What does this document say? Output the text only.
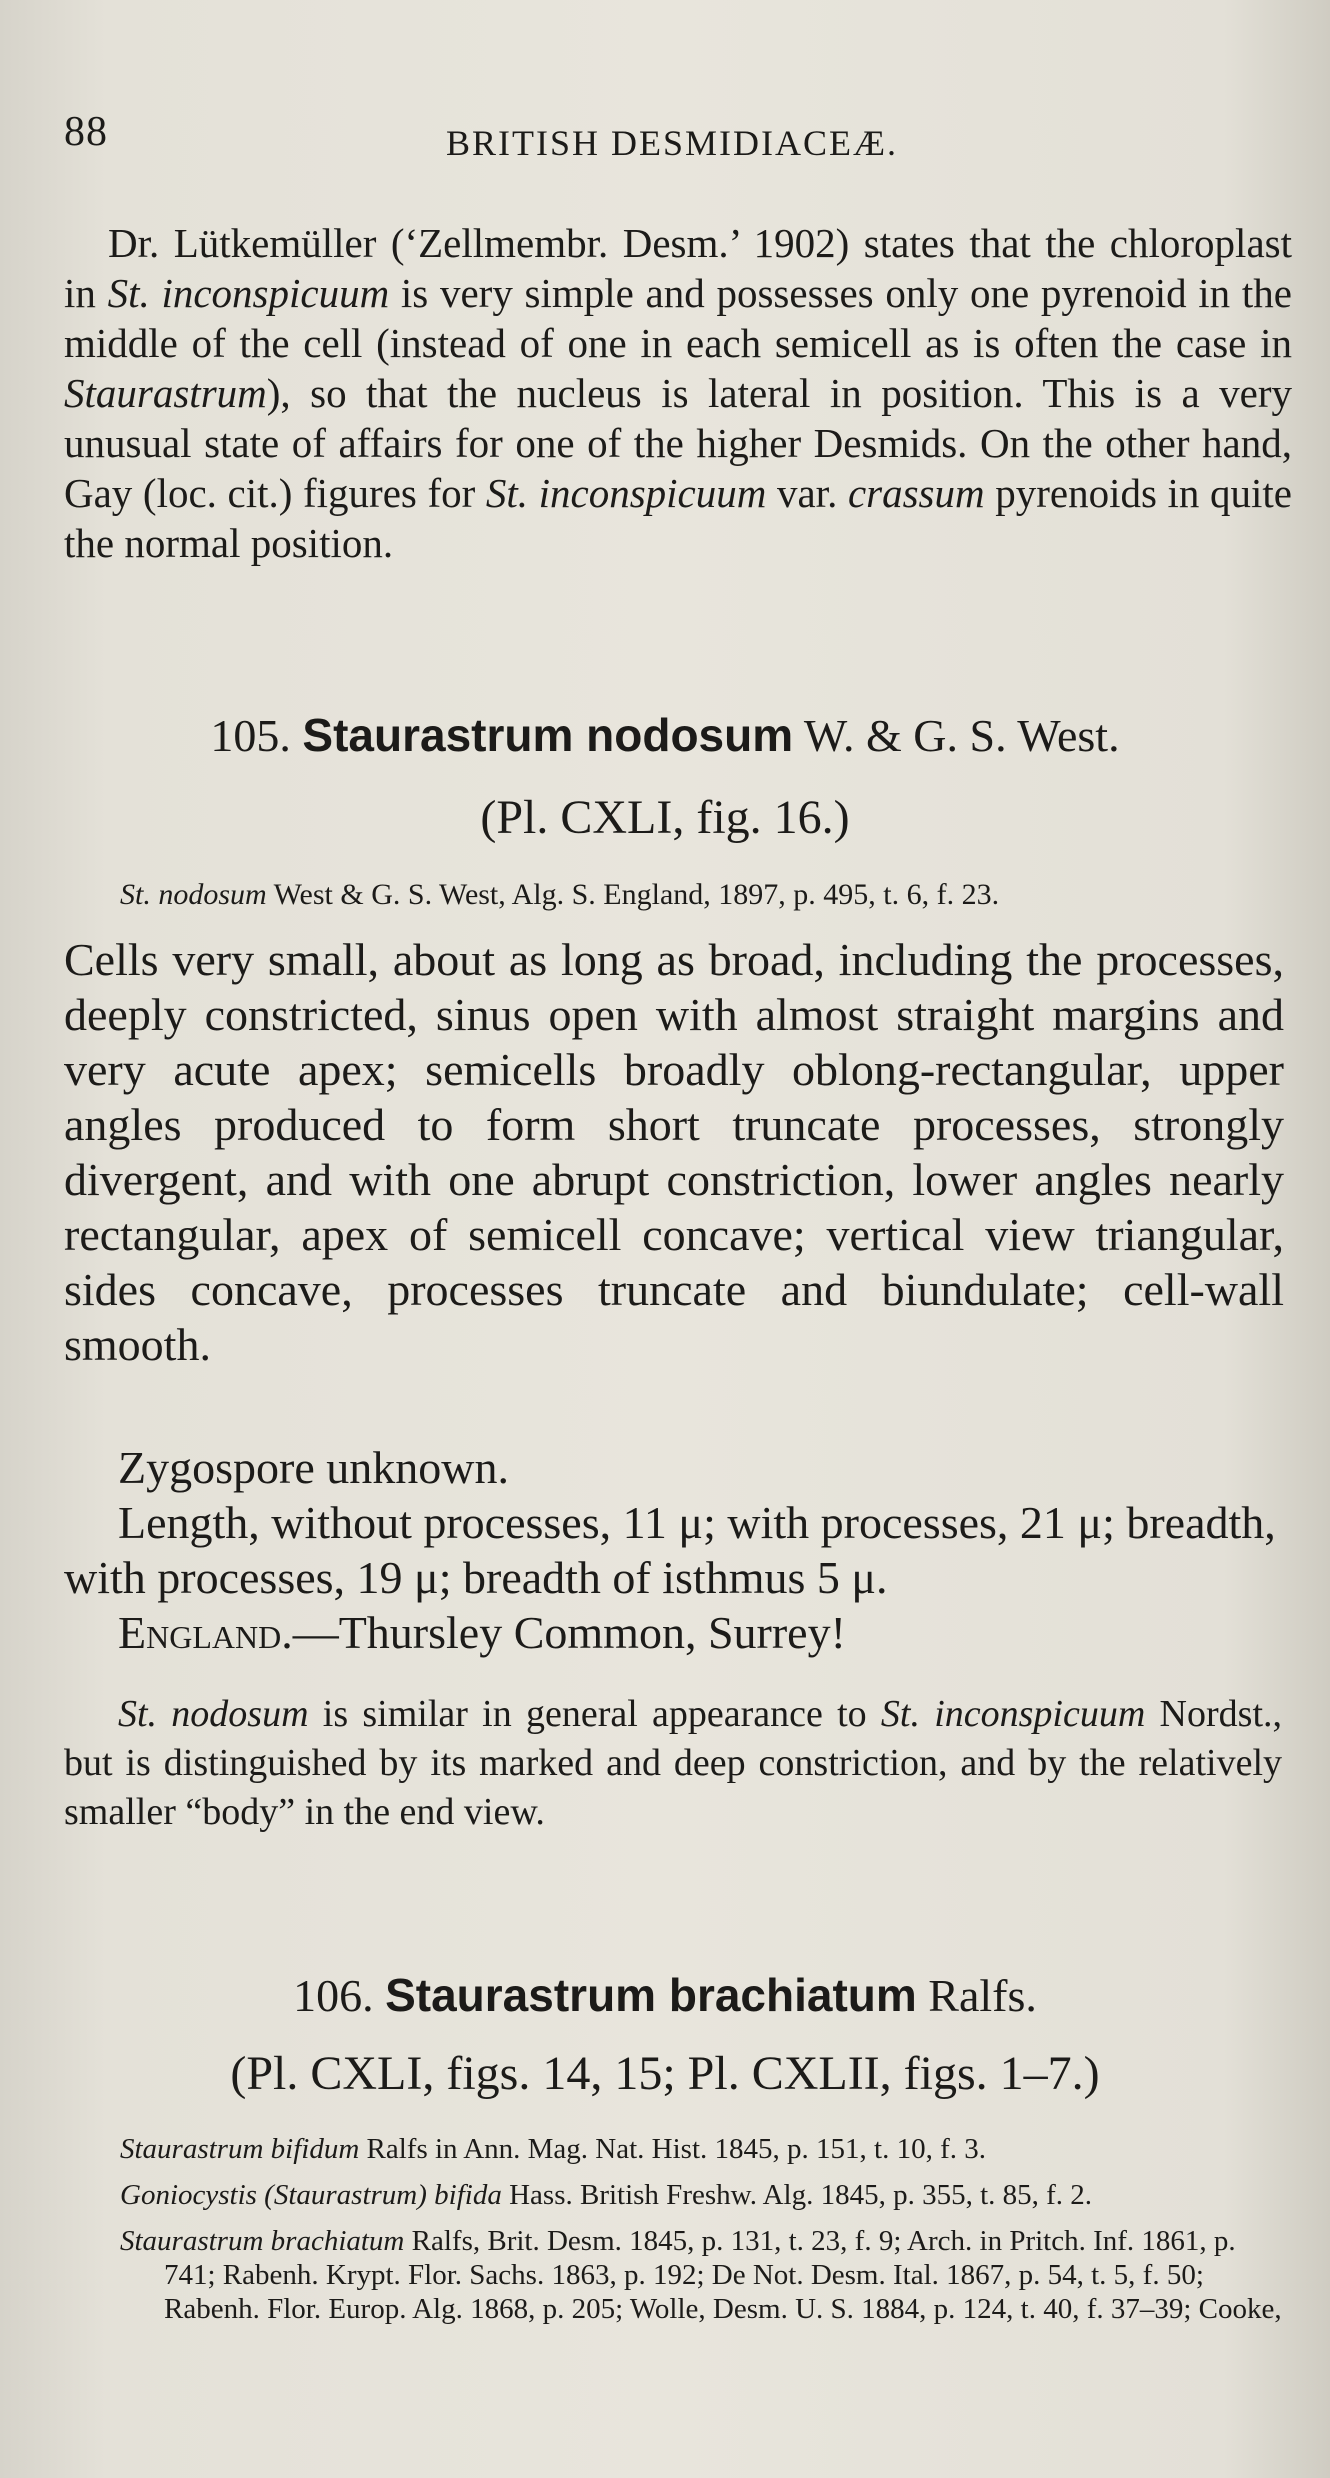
88	BRITISH DESMIDIACEÆ.

Dr. Lütkemüller (‘Zellmembr. Desm.’ 1902) states that the chloroplast in St. inconspicuum is very simple and possesses only one pyrenoid in the middle of the cell (instead of one in each semicell as is often the case in Staurastrum), so that the nucleus is lateral in position. This is a very unusual state of affairs for one of the higher Desmids. On the other hand, Gay (loc. cit.) figures for St. inconspicuum var. crassum pyrenoids in quite the normal position.

105. Staurastrum nodosum W. & G. S. West.

(Pl. CXLI, fig. 16.)

St. nodosum West & G. S. West, Alg. S. England, 1897, p. 495, t. 6, f. 23.

Cells very small, about as long as broad, including the processes, deeply constricted, sinus open with almost straight margins and very acute apex; semicells broadly oblong-rectangular, upper angles produced to form short truncate processes, strongly divergent, and with one abrupt constriction, lower angles nearly rectangular, apex of semicell concave; vertical view triangular, sides concave, processes truncate and biundulate; cell-wall smooth.

Zygospore unknown.

Length, without processes, 11 μ; with processes, 21 μ; breadth, with processes, 19 μ; breadth of isthmus 5 μ.

England.—Thursley Common, Surrey!

St. nodosum is similar in general appearance to St. inconspicuum Nordst., but is distinguished by its marked and deep constriction, and by the relatively smaller “body” in the end view.

106. Staurastrum brachiatum Ralfs.

(Pl. CXLI, figs. 14, 15; Pl. CXLII, figs. 1–7.)

Staurastrum bifidum Ralfs in Ann. Mag. Nat. Hist. 1845, p. 151, t. 10, f. 3.
Goniocystis (Staurastrum) bifida Hass. British Freshw. Alg. 1845, p. 355, t. 85, f. 2.
Staurastrum brachiatum Ralfs, Brit. Desm. 1845, p. 131, t. 23, f. 9; Arch. in Pritch. Inf. 1861, p. 741; Rabenh. Krypt. Flor. Sachs. 1863, p. 192; De Not. Desm. Ital. 1867, p. 54, t. 5, f. 50; Rabenh. Flor. Europ. Alg. 1868, p. 205; Wolle, Desm. U. S. 1884, p. 124, t. 40, f. 37–39; Cooke,
